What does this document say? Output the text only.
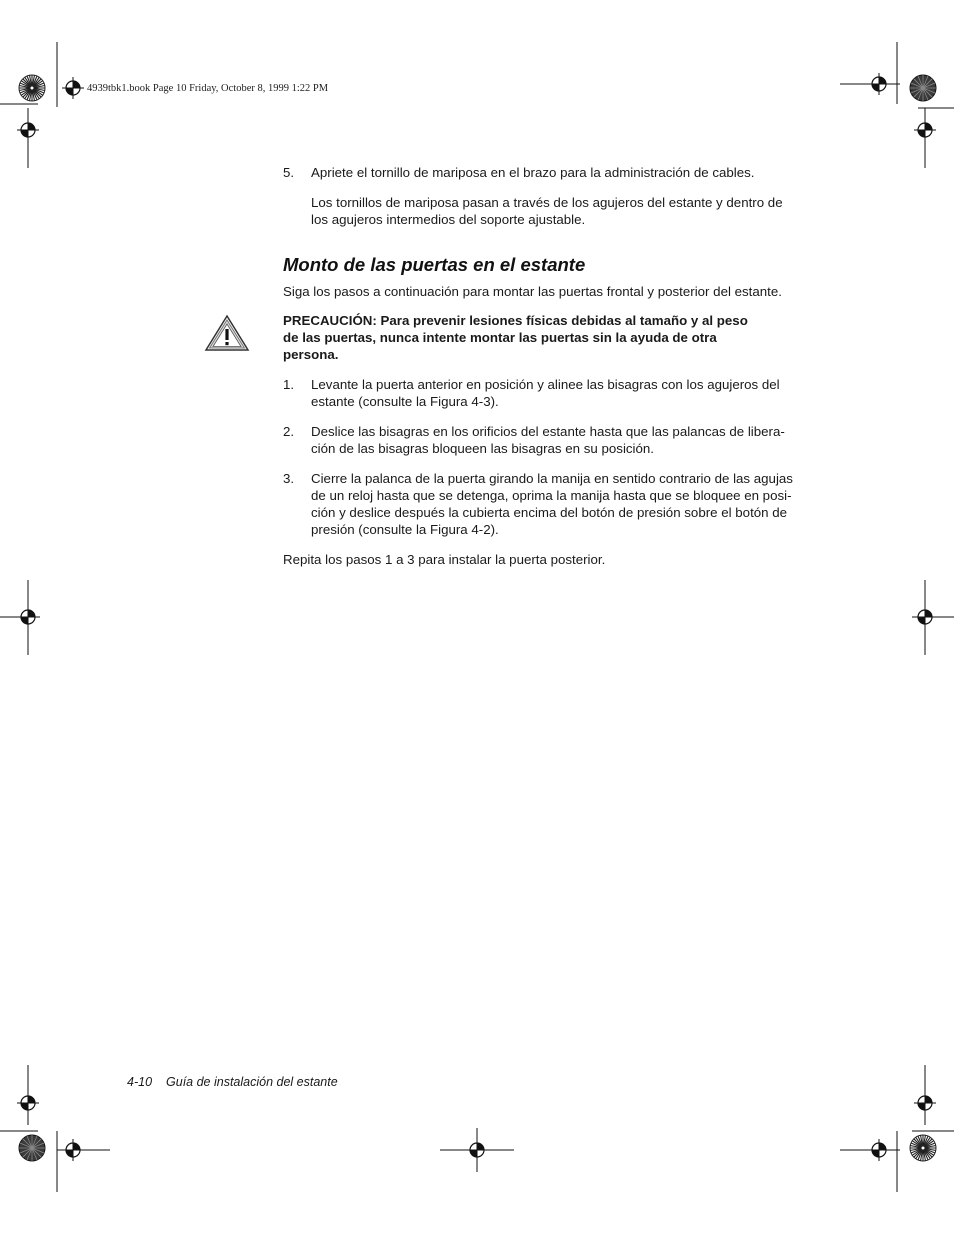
4939tbk1.book Page 10 Friday, October 8, 1999 1:22 PM
5. Apriete el tornillo de mariposa en el brazo para la administración de cables.
Los tornillos de mariposa pasan a través de los agujeros del estante y dentro de
los agujeros intermedios del soporte ajustable.
Monto de las puertas en el estante
Siga los pasos a continuación para montar las puertas frontal y posterior del estante.
PRECAUCIÓN: Para prevenir lesiones físicas debidas al tamaño y al peso
de las puertas, nunca intente montar las puertas sin la ayuda de otra
persona.
1. Levante la puerta anterior en posición y alinee las bisagras con los agujeros del
estante (consulte la Figura 4-3).
2. Deslice las bisagras en los orificios del estante hasta que las palancas de libera-
ción de las bisagras bloqueen las bisagras en su posición.
3. Cierre la palanca de la puerta girando la manija en sentido contrario de las agujas
de un reloj hasta que se detenga, oprima la manija hasta que se bloquee en posi-
ción y deslice después la cubierta encima del botón de presión sobre el botón de
presión (consulte la Figura 4-2).
Repita los pasos 1 a 3 para instalar la puerta posterior.
4-10 Guía de instalación del estante
